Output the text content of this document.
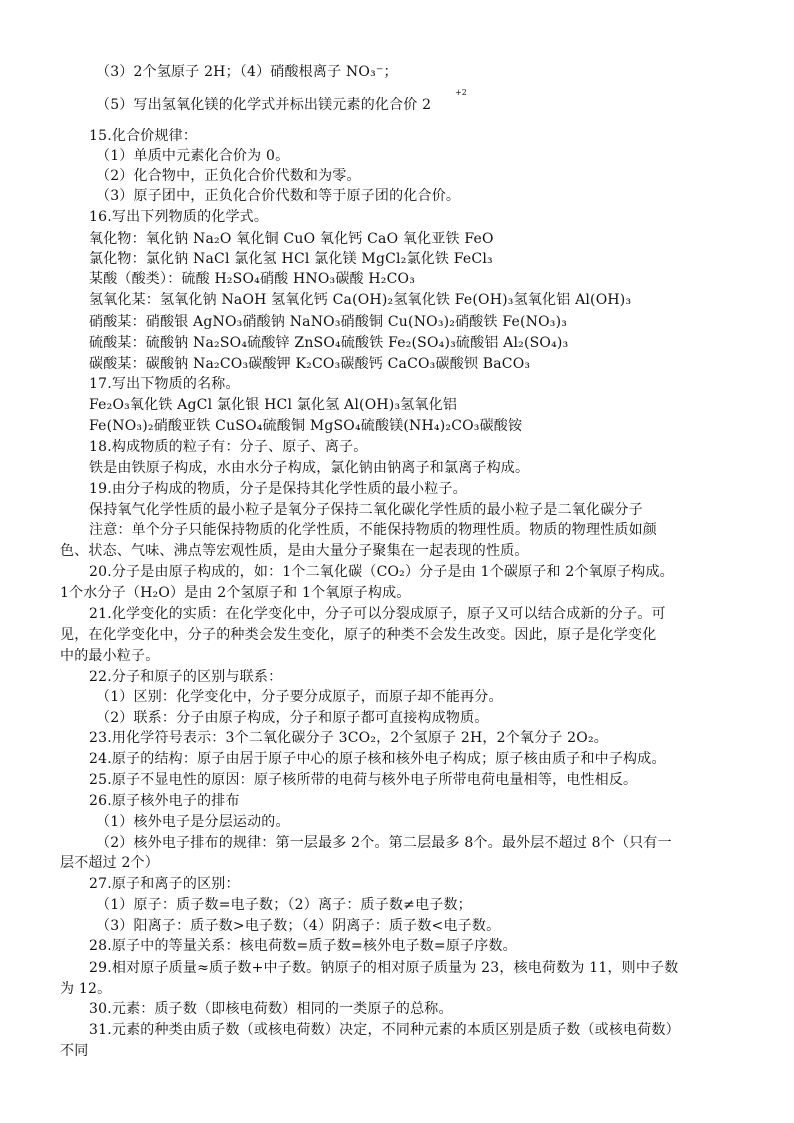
（3）2个氢原子 2H；（4）硝酸根离子 NO₃⁻；
（5）写出氢氧化镁的化学式并标出镁元素的化合价 2
+2
15.化合价规律：
（1）单质中元素化合价为 0。
（2）化合物中，正负化合价代数和为零。
（3）原子团中，正负化合价代数和等于原子团的化合价。
16.写出下列物质的化学式。
氧化物：氧化钠 Na₂O 氧化铜 CuO 氧化钙 CaO 氧化亚铁 FeO
氯化物：氯化钠 NaCl 氯化氢 HCl 氯化镁 MgCl₂氯化铁 FeCl₃
某酸（酸类）：硫酸 H₂SO₄硝酸 HNO₃碳酸 H₂CO₃
氢氧化某：氢氧化钠 NaOH 氢氧化钙 Ca(OH)₂氢氧化铁 Fe(OH)₃氢氧化铝 Al(OH)₃
硝酸某：硝酸银 AgNO₃硝酸钠 NaNO₃硝酸铜 Cu(NO₃)₂硝酸铁 Fe(NO₃)₃
硫酸某：硫酸钠 Na₂SO₄硫酸锌 ZnSO₄硫酸铁 Fe₂(SO₄)₃硫酸铝 Al₂(SO₄)₃
碳酸某：碳酸钠 Na₂CO₃碳酸钾 K₂CO₃碳酸钙 CaCO₃碳酸钡 BaCO₃
17.写出下物质的名称。
Fe₂O₃氧化铁 AgCl 氯化银 HCl 氯化氢 Al(OH)₃氢氧化铝
Fe(NO₃)₂硝酸亚铁 CuSO₄硫酸铜 MgSO₄硫酸镁(NH₄)₂CO₃碳酸铵
18.构成物质的粒子有：分子、原子、离子。
铁是由铁原子构成，水由水分子构成，氯化钠由钠离子和氯离子构成。
19.由分子构成的物质，分子是保持其化学性质的最小粒子。
保持氧气化学性质的最小粒子是氧分子保持二氧化碳化学性质的最小粒子是二氧化碳分子
注意：单个分子只能保持物质的化学性质，不能保持物质的物理性质。物质的物理性质如颜
色、状态、气味、沸点等宏观性质，是由大量分子聚集在一起表现的性质。
20.分子是由原子构成的，如：1个二氧化碳（CO₂）分子是由 1个碳原子和 2个氧原子构成。
1个水分子（H₂O）是由 2个氢原子和 1个氧原子构成。
21.化学变化的实质：在化学变化中，分子可以分裂成原子，原子又可以结合成新的分子。可
见，在化学变化中，分子的种类会发生变化，原子的种类不会发生改变。因此，原子是化学变化
中的最小粒子。
22.分子和原子的区别与联系：
（1）区别：化学变化中，分子要分成原子，而原子却不能再分。
（2）联系：分子由原子构成，分子和原子都可直接构成物质。
23.用化学符号表示：3个二氧化碳分子 3CO₂，2个氢原子 2H，2个氧分子 2O₂。
24.原子的结构：原子由居于原子中心的原子核和核外电子构成；原子核由质子和中子构成。
25.原子不显电性的原因：原子核所带的电荷与核外电子所带电荷电量相等，电性相反。
26.原子核外电子的排布
（1）核外电子是分层运动的。
（2）核外电子排布的规律：第一层最多 2个。第二层最多 8个。最外层不超过 8个（只有一
层不超过 2个）
27.原子和离子的区别：
（1）原子：质子数=电子数；（2）离子：质子数≠电子数；
（3）阳离子：质子数>电子数；（4）阴离子：质子数<电子数。
28.原子中的等量关系：核电荷数=质子数=核外电子数=原子序数。
29.相对原子质量≈质子数+中子数。钠原子的相对原子质量为 23，核电荷数为 11，则中子数
为 12。
30.元素：质子数（即核电荷数）相同的一类原子的总称。
31.元素的种类由质子数（或核电荷数）决定，不同种元素的本质区别是质子数（或核电荷数）
不同
